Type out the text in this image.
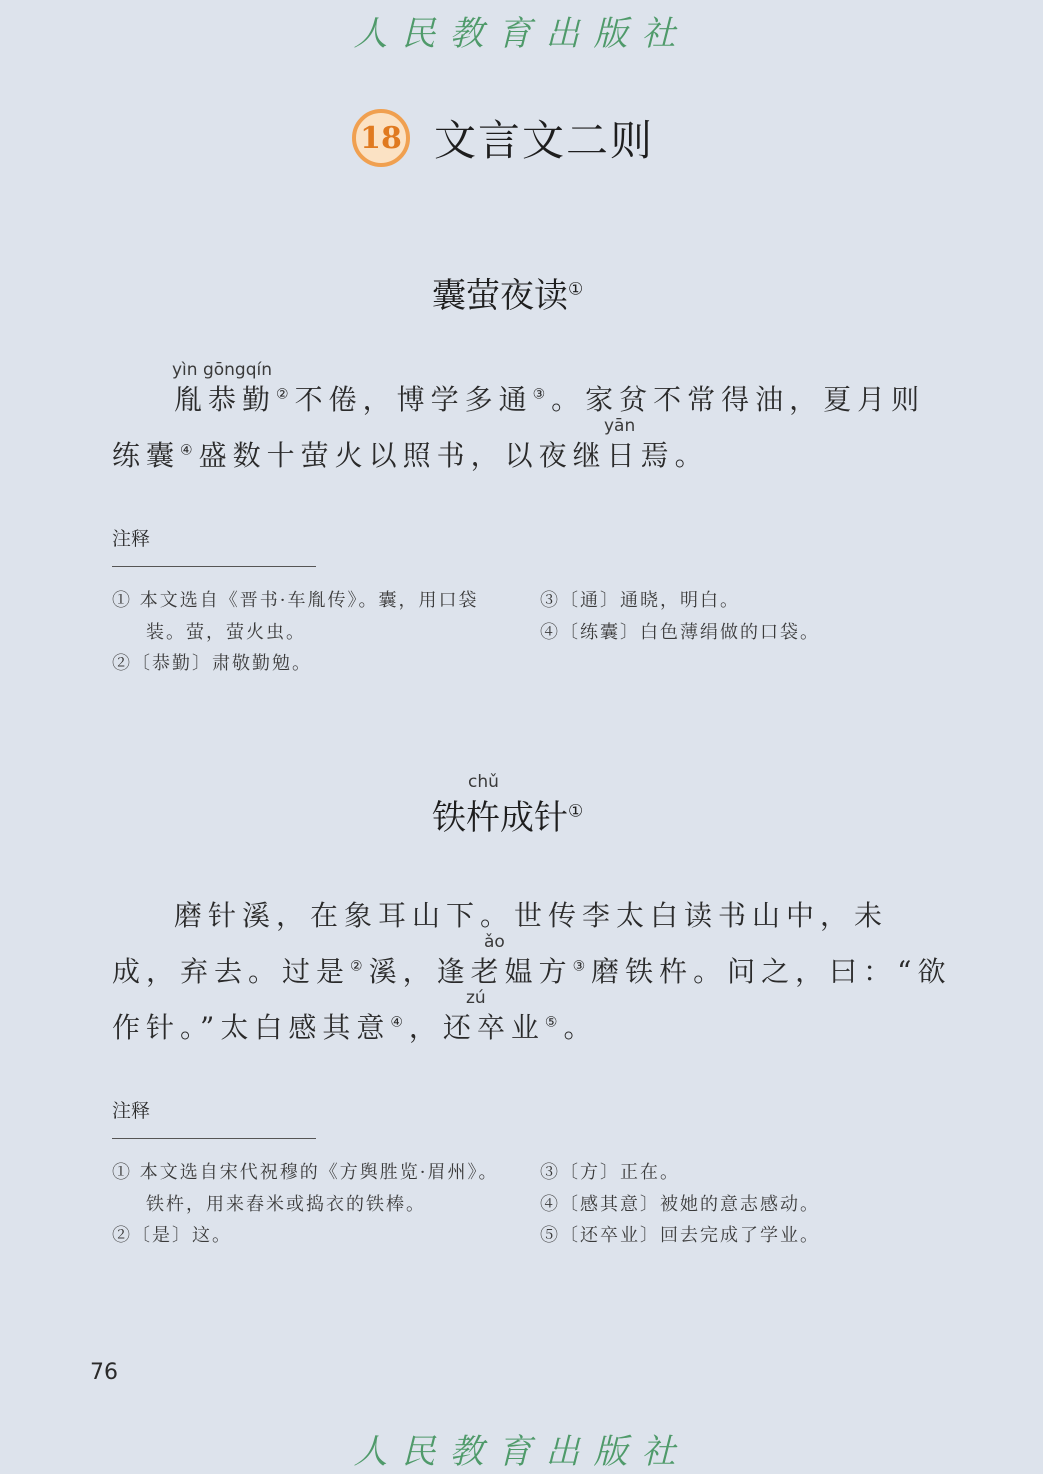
人民教育出版社
18 文言文二则
囊萤夜读①
yìn gōngqín
yān
胤恭勤②不倦，博学多通③。家贫不常得油，夏月则
练囊④盛数十萤火以照书，以夜继日焉。
注释
① 本文选自《晋书·车胤传》。囊，用口袋
装。萤，萤火虫。
②〔恭勤〕肃敬勤勉。
③〔通〕通晓，明白。
④〔练囊〕白色薄绢做的口袋。
chǔ
铁杵成针①
磨针溪，在象耳山下。世传李太白读书山中，未
ǎo
成，弃去。过是②溪，逢老媪方③磨铁杵。问之，曰：“欲
zú
作针。”太白感其意④，还卒业⑤。
注释
① 本文选自宋代祝穆的《方舆胜览·眉州》。
铁杵，用来舂米或捣衣的铁棒。
②〔是〕这。
③〔方〕正在。
④〔感其意〕被她的意志感动。
⑤〔还卒业〕回去完成了学业。
76
人民教育出版社
